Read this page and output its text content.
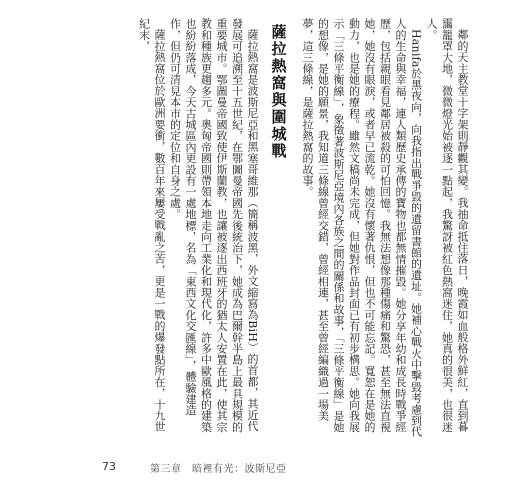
鄰的天主教堂十字架則靜觀其變。我抽命抵住落日，晚霞如血般格外鮮紅，直到暮靄籠罩大地，微微燈光始被逐一點起，我驚訝被紅色熱窩迷住，她真的很美，也很迷人。

Hanifa於黑夜向，向我指出戰爭毀的遺留書館的遺址。她補心戰火中擊毀考慮到代人的生命與幸福，連人類歷史承傳的寶物也都無情摧毀。她分享年幼和成長時戰爭經歷，包括親眼看見鄰居被殺的可怕回憶。我無法想像那種傷痛和驚恐，甚至無法直視她，她沒有眼淚，或者早已流乾。她沒有懷著仇恨，但也不可能忘記。寬恕在是她的動力，也是她的療程。雖然文稿尚未完成，但她對作品封面已有初步構思。她向我展示「三條平衡線」，象徵著波斯尼亞境內各族之間的關係和故事，「三條平衡線」是她的想像，是她的願景，我知道三條線曾經交錯，曾經相連，甚至曾經編織過一場美夢，這三條線，是薩拉熱窩的故事。

薩拉熱窩與圍城戰

薩拉熱窩是波斯尼亞和黑塞哥維那（簡稱波黑，外文縮寫為BiH）的首都，其近代發展可追溯至十五世紀，在鄂圖曼帝國先後統治下，她成為巴爾幹半島上最具規模的重要城市。鄂圖曼帝國致使伊斯蘭教，也讓被逐出西班牙的猶太人安置在此，使其宗教和種族更趨多元。奧匈帝國則帶領本地走向工業化和現代化，許多中歐風格的建築也紛紛落成，今天古城區內更設有一處地標，名為「東西文化交匯線」，體驗建造作，但仍可清見本市的定位和自身之處。

薩拉熱窩位於歐洲要衝，數百年來屢受戰亂之苦，更是一戰的爆發點所在，十九世紀末，

73	第三章　暗裡有光：波斯尼亞
